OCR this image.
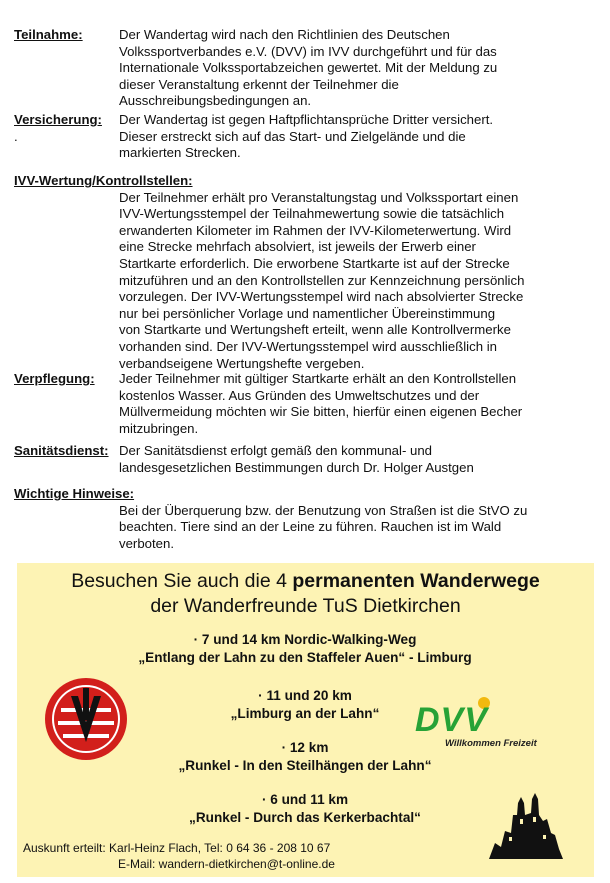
Teilnahme:	Der Wandertag wird nach den Richtlinien des Deutschen
Volkssportverbandes e.V. (DVV) im IVV durchgeführt und für das
Internationale Volkssportabzeichen gewertet. Mit der Meldung zu
dieser Veranstaltung erkennt der Teilnehmer die
Ausschreibungsbedingungen an.
Versicherung:
.
Der Wandertag ist gegen Haftpflichtansprüche Dritter versichert.
Dieser erstreckt sich auf das Start- und Zielgelände und die
markierten Strecken.
IVV-Wertung/Kontrollstellen:
Der Teilnehmer erhält pro Veranstaltungstag und Volkssportart einen
IVV-Wertungsstempel der Teilnahmewertung sowie die tatsächlich
erwanderten Kilometer im Rahmen der IVV-Kilometerwertung. Wird
eine Strecke mehrfach absolviert, ist jeweils der Erwerb einer
Startkarte erforderlich. Die erworbene Startkarte ist auf der Strecke
mitzuführen und an den Kontrollstellen zur Kennzeichnung persönlich
vorzulegen. Der IVV-Wertungsstempel wird nach absolvierter Strecke
nur bei persönlicher Vorlage und namentlicher Übereinstimmung
von Startkarte und Wertungsheft erteilt, wenn alle Kontrollvermerke
vorhanden sind. Der IVV-Wertungsstempel wird ausschließlich in
verbandseigene Wertungshefte vergeben.
Verpflegung: Jeder Teilnehmer mit gültiger Startkarte erhält an den Kontrollstellen
kostenlos Wasser. Aus Gründen des Umweltschutzes und der
Müllvermeidung möchten wir Sie bitten, hierfür einen eigenen Becher
mitzubringen.
Sanitätsdienst: Der Sanitätsdienst erfolgt gemäß den kommunal- und
landesgesetzlichen Bestimmungen durch Dr. Holger Austgen
Wichtige Hinweise:
Bei der Überquerung bzw. der Benutzung von Straßen ist die StVO zu
beachten. Tiere sind an der Leine zu führen. Rauchen ist im Wald
verboten.
Besuchen Sie auch die 4 permanenten Wanderwege
der Wanderfreunde TuS Dietkirchen
· 7 und 14 km Nordic-Walking-Weg
„Entlang der Lahn zu den Staffeler Auen“ - Limburg
· 11 und 20 km
„Limburg an der Lahn“
· 12 km
„Runkel - In den Steilhängen der Lahn“
· 6 und 11 km
„Runkel - Durch das Kerkerbachtal“
DVV
Willkommen Freizeit
Auskunft erteilt: Karl-Heinz Flach, Tel: 0 64 36 - 208 10 67
E-Mail: wandern-dietkirchen@t-online.de
